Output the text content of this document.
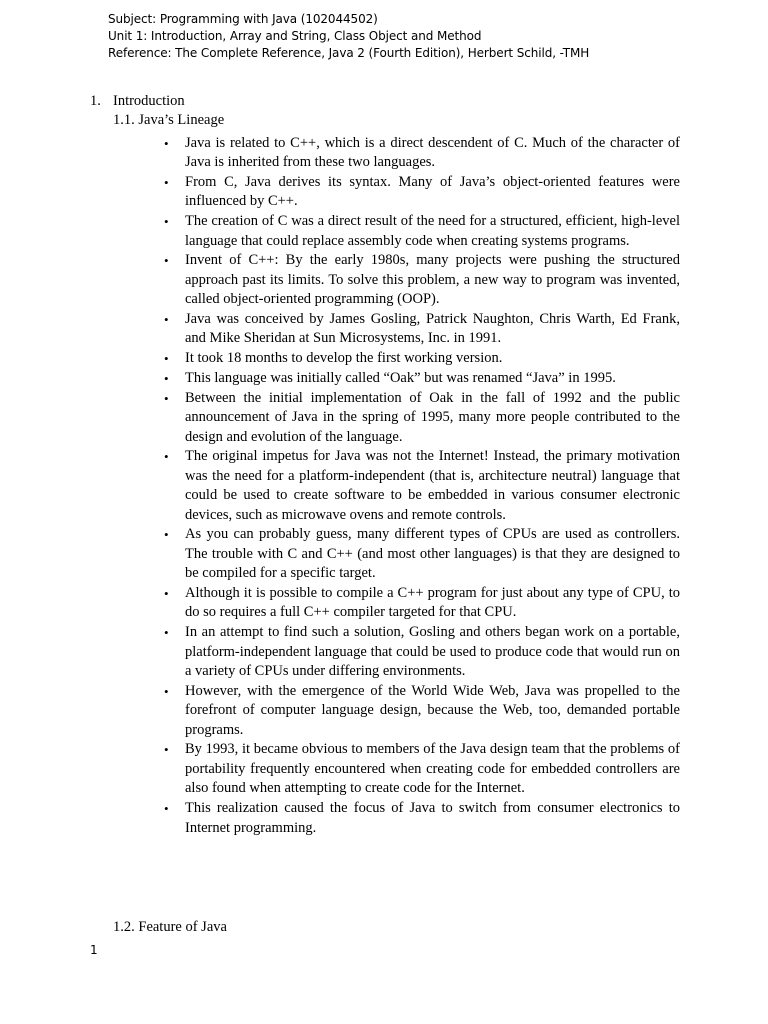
Subject: Programming with Java (102044502)
Unit 1: Introduction, Array and String, Class Object and Method
Reference: The Complete Reference, Java 2 (Fourth Edition), Herbert Schild, -TMH
1. Introduction
1.1. Java’s Lineage
• Java is related to C++, which is a direct descendent of C. Much of the character of Java is inherited from these two languages.
• From C, Java derives its syntax. Many of Java’s object-oriented features were influenced by C++.
• The creation of C was a direct result of the need for a structured, efficient, high-level language that could replace assembly code when creating systems programs.
• Invent of C++: By the early 1980s, many projects were pushing the structured approach past its limits. To solve this problem, a new way to program was invented, called object-oriented programming (OOP).
• Java was conceived by James Gosling, Patrick Naughton, Chris Warth, Ed Frank, and Mike Sheridan at Sun Microsystems, Inc. in 1991.
• It took 18 months to develop the first working version.
• This language was initially called “Oak” but was renamed “Java” in 1995.
• Between the initial implementation of Oak in the fall of 1992 and the public announcement of Java in the spring of 1995, many more people contributed to the design and evolution of the language.
• The original impetus for Java was not the Internet! Instead, the primary motivation was the need for a platform-independent (that is, architecture neutral) language that could be used to create software to be embedded in various consumer electronic devices, such as microwave ovens and remote controls.
• As you can probably guess, many different types of CPUs are used as controllers. The trouble with C and C++ (and most other languages) is that they are designed to be compiled for a specific target.
• Although it is possible to compile a C++ program for just about any type of CPU, to do so requires a full C++ compiler targeted for that CPU.
• In an attempt to find such a solution, Gosling and others began work on a portable, platform-independent language that could be used to produce code that would run on a variety of CPUs under differing environments.
• However, with the emergence of the World Wide Web, Java was propelled to the forefront of computer language design, because the Web, too, demanded portable programs.
• By 1993, it became obvious to members of the Java design team that the problems of portability frequently encountered when creating code for embedded controllers are also found when attempting to create code for the Internet.
• This realization caused the focus of Java to switch from consumer electronics to Internet programming.
1.2. Feature of Java
1
